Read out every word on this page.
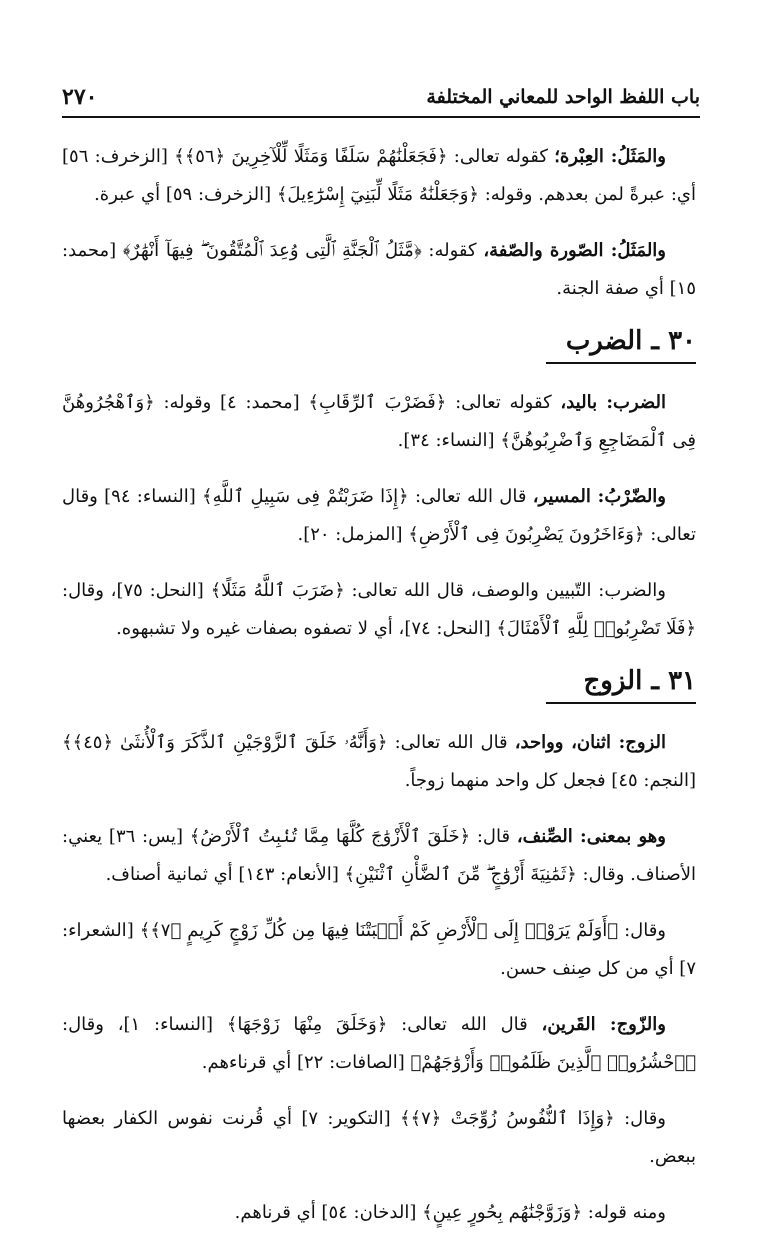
باب اللفظ الواحد للمعاني المختلفة
٢٧٠

والمَثَلُ: العِبْرة؛ كقوله تعالى: ﴿فَجَعَلْنَٰهُمْ سَلَفًا وَمَثَلًا لِّلْآخِرِينَ ﴿٥٦﴾﴾ [الزخرف: ٥٦] أي: عبرةً لمن بعدهم. وقوله: ﴿وَجَعَلْنَٰهُ مَثَلًا لِّبَنِيٓ إِسْرَٰٓءِيلَ﴾ [الزخرف: ٥٩] أي عبرة.

والمَثَلُ: الصّورة والصّفة، كقوله: ﴿مَّثَلُ ٱلْجَنَّةِ ٱلَّتِى وُعِدَ ٱلْمُتَّقُونَ ۖ فِيهَآ أَنْهَٰرٌ﴾ [محمد: ١٥] أي صفة الجنة.

٣٠ ـ الضرب

الضرب: باليد، كقوله تعالى: ﴿فَضَرْبَ ٱلرِّقَابِ﴾ [محمد: ٤] وقوله: ﴿وَٱهْجُرُوهُنَّ فِى ٱلْمَضَاجِعِ وَٱضْرِبُوهُنَّ﴾ [النساء: ٣٤].

والضّرْبُ: المسير، قال الله تعالى: ﴿إِذَا ضَرَبْتُمْ فِى سَبِيلِ ٱللَّهِ﴾ [النساء: ٩٤] وقال تعالى: ﴿وَءَاخَرُونَ يَضْرِبُونَ فِى ٱلْأَرْضِ﴾ [المزمل: ٢٠].

والضرب: التّبيين والوصف، قال الله تعالى: ﴿ضَرَبَ ٱللَّهُ مَثَلًا﴾ [النحل: ٧٥]، وقال: ﴿فَلَا تَضْرِبُوا۟ لِلَّهِ ٱلْأَمْثَالَ﴾ [النحل: ٧٤]، أي لا تصفوه بصفات غيره ولا تشبهوه.

٣١ ـ الزوج

الزوج: اثنان، وواحد، قال الله تعالى: ﴿وَأَنَّهُۥ خَلَقَ ٱلزَّوْجَيْنِ ٱلذَّكَرَ وَٱلْأُنثَىٰ ﴿٤٥﴾﴾ [النجم: ٤٥] فجعل كل واحد منهما زوجاً.

وهو بمعنى: الصِّنف، قال: ﴿خَلَقَ ٱلْأَزْوَٰجَ كُلَّهَا مِمَّا تُنۢبِتُ ٱلْأَرْضُ﴾ [يس: ٣٦] يعني: الأصناف. وقال: ﴿ثَمَٰنِيَةَ أَزْوَٰجٍ ۖ مِّنَ ٱلضَّأْنِ ٱثْنَيْنِ﴾ [الأنعام: ١٤٣] أي ثمانية أصناف.

وقال: ﴿أَوَلَمْ يَرَوْا۟ إِلَى ٱلْأَرْضِ كَمْ أَنۢبَتْنَا فِيهَا مِن كُلِّ زَوْجٍ كَرِيمٍ ﴿٧﴾﴾ [الشعراء: ٧] أي من كل صِنف حسن.

والزّوج: القَرين، قال الله تعالى: ﴿وَخَلَقَ مِنْهَا زَوْجَهَا﴾ [النساء: ١]، وقال: ﴿ٱحْشُرُوا۟ ٱلَّذِينَ ظَلَمُوا۟ وَأَزْوَٰجَهُمْ﴾ [الصافات: ٢٢] أي قرناءهم.

وقال: ﴿وَإِذَا ٱلنُّفُوسُ زُوِّجَتْ ﴿٧﴾﴾ [التكوير: ٧] أي قُرنت نفوس الكفار بعضها ببعض.

ومنه قوله: ﴿وَزَوَّجْنَٰهُم بِحُورٍ عِينٍ﴾ [الدخان: ٥٤] أي قرناهم.
